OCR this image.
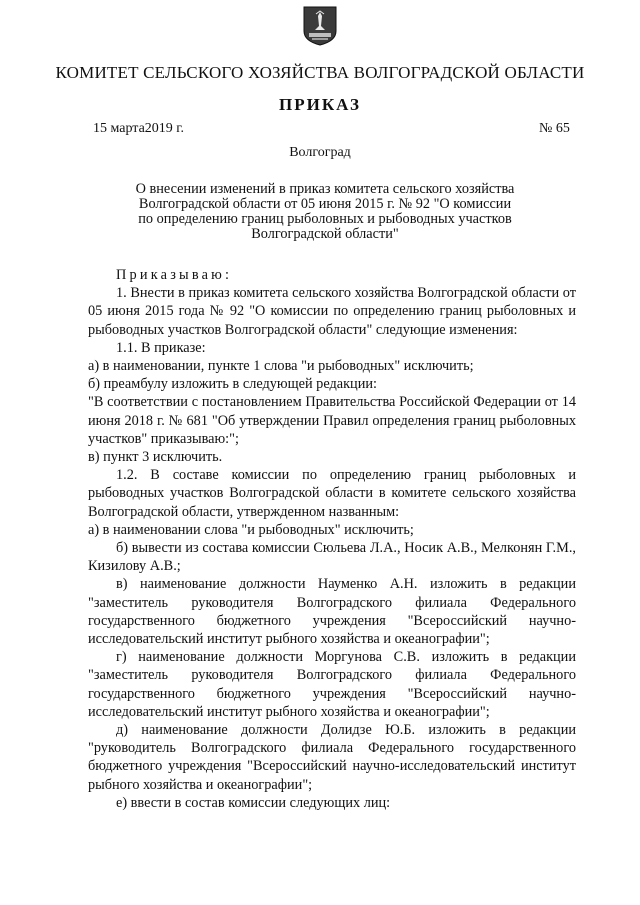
КОМИТЕТ СЕЛЬСКОГО ХОЗЯЙСТВА ВОЛГОГРАДСКОЙ ОБЛАСТИ
ПРИКАЗ
15 марта2019 г.	№ 65
Волгоград
О внесении изменений в приказ комитета сельского хозяйства
Волгоградской области от 05 июня 2015 г. № 92 "О комиссии
по определению границ рыболовных и рыбоводных участков
Волгоградской области"

Приказываю:

1. Внести в приказ комитета сельского хозяйства Волгоградской области от 05 июня 2015 года № 92 "О комиссии по определению границ рыболовных и рыбоводных участков Волгоградской области" следующие изменения:

1.1. В приказе:

а) в наименовании, пункте 1 слова "и рыбоводных" исключить;

б) преамбулу изложить в следующей редакции:

"В соответствии с постановлением Правительства Российской Федерации от 14 июня 2018 г. № 681 "Об утверждении Правил определения границ рыболовных участков" приказываю:";

в) пункт 3 исключить.

1.2. В составе комиссии по определению границ рыболовных и рыбоводных участков Волгоградской области в комитете сельского хозяйства Волгоградской области, утвержденном названным:

а) в наименовании слова "и рыбоводных" исключить;

б) вывести из состава комиссии Сюльева Л.А., Носик А.В., Мелконян Г.М., Кизилову А.В.;

в) наименование должности Науменко А.Н. изложить в редакции "заместитель руководителя Волгоградского филиала Федерального государственного бюджетного учреждения "Всероссийский научно-исследовательский институт рыбного хозяйства и океанографии";

г) наименование должности Моргунова С.В. изложить в редакции "заместитель руководителя Волгоградского филиала Федерального государственного бюджетного учреждения "Всероссийский научно-исследовательский институт рыбного хозяйства и океанографии";

д) наименование должности Долидзе Ю.Б. изложить в редакции "руководитель Волгоградского филиала Федерального государственного бюджетного учреждения "Всероссийский научно-исследовательский институт рыбного хозяйства и океанографии";

е) ввести в состав комиссии следующих лиц:
